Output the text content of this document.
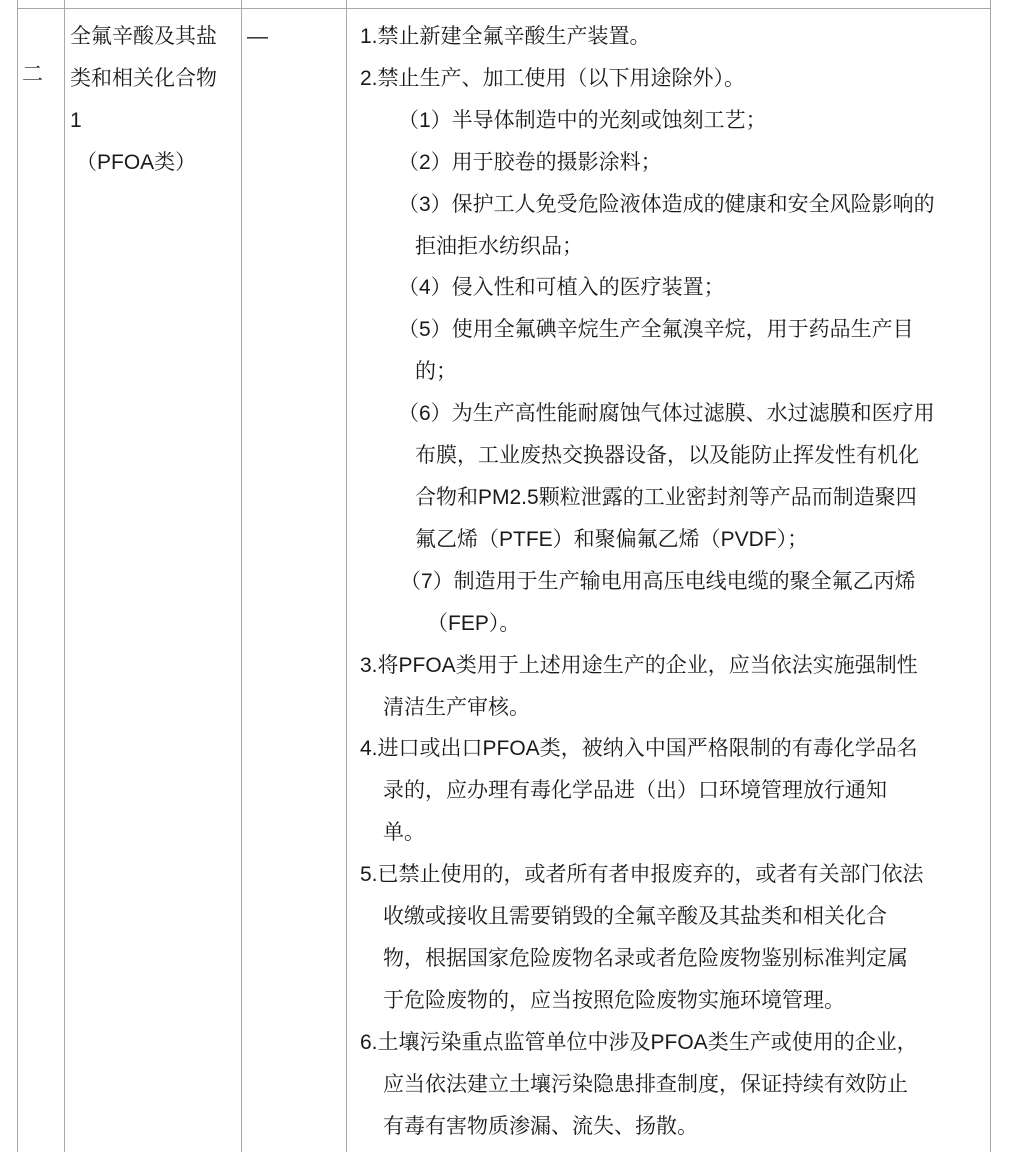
二
全氟辛酸及其盐
类和相关化合物
1
（PFOA类）
—	1.禁止新建全氟辛酸生产装置。
2.禁止生产、加工使用（以下用途除外）。
（1）半导体制造中的光刻或蚀刻工艺；
（2）用于胶卷的摄影涂料；
（3）保护工人免受危险液体造成的健康和安全风险影响的
拒油拒水纺织品；
（4）侵入性和可植入的医疗装置；
（5）使用全氟碘辛烷生产全氟溴辛烷，用于药品生产目
的；
（6）为生产高性能耐腐蚀气体过滤膜、水过滤膜和医疗用
布膜，工业废热交换器设备，以及能防止挥发性有机化
合物和PM2.5颗粒泄露的工业密封剂等产品而制造聚四
氟乙烯（PTFE）和聚偏氟乙烯（PVDF）；
（7）制造用于生产输电用高压电线电缆的聚全氟乙丙烯
（FEP）。
3.将PFOA类用于上述用途生产的企业，应当依法实施强制性
清洁生产审核。
4.进口或出口PFOA类，被纳入中国严格限制的有毒化学品名
录的，应办理有毒化学品进（出）口环境管理放行通知
单。
5.已禁止使用的，或者所有者申报废弃的，或者有关部门依法
收缴或接收且需要销毁的全氟辛酸及其盐类和相关化合
物，根据国家危险废物名录或者危险废物鉴别标准判定属
于危险废物的，应当按照危险废物实施环境管理。
6.土壤污染重点监管单位中涉及PFOA类生产或使用的企业，
应当依法建立土壤污染隐患排查制度，保证持续有效防止
有毒有害物质渗漏、流失、扬散。
